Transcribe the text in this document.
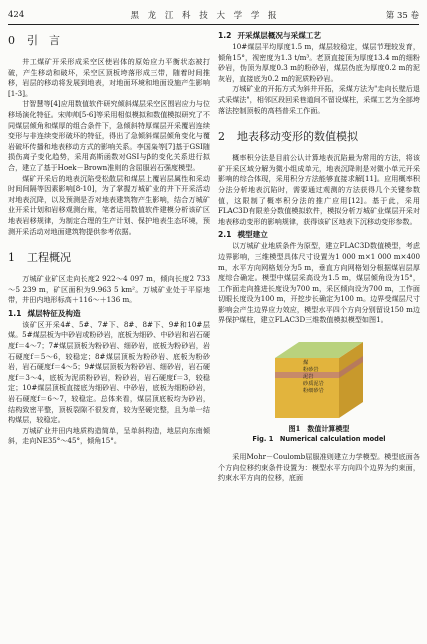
424	黑 龙 江 科 技 大 学 学 报	第 35 卷
0 引　言

井工煤矿开采形成采空区使岩体的原始应力平衡状态被打破，产生移动和破坏，采空区顶板垮落形成三带，随着时间推移，岩层的移动将发展到地表，对地面环境和地面设施产生影响[1-3]。

甘智慧等[4]应用数值软件研究倾斜煤层采空区围岩应力与位移场演化特征。宋帅帅[5-6]等采用相似模拟和数值模拟研究了不同煤层倾角和煤厚的组合条件下，急倾斜特厚煤层开采覆岩连续变形与非连续变形破坏的特征，得出了急倾斜煤层倾角变化与覆岩破坏传播和地表移动方式的影响关系。李国枭等[7]基于GSI随损伤离子变化趋势，采用高斯函数对GSI与β的变化关系进行拟合，建立了基于Hoek－Brown准则的含屈服岩石强度模型。

煤矿开采后的地表沉陷受松散层和煤层上覆岩层属性和采动时间间隔等因素影响[8-10]，为了掌握万城矿业的井下开采活动对地表沉降，以及预测是否对地表建筑物产生影响，结合万城矿业开采计划和岩移观测台账，笔者运用数值软件建模分析该矿区地表岩移规律，为制定合理的生产计划、保护地表生态环境，预测开采活动对地面建筑物提供参考依据。

1 工程概况

万城矿业矿区走向长度2 922～4 097 m，倾向长度2 733～5 239 m，矿区面积为9.963 5 km²。万城矿业处于平原地带，井田内地形标高＋116～＋136 m。

1.1 煤层特征及构造

该矿区开采4#、5#、7#下、8#、8#下、9#和10#层煤。5#煤层板为中砂岩或粉砂岩，底板为细砂、中砂岩和岩石硬度f＝4～7；7#煤层顶板为粉砂岩、细砂岩，底板为粉砂岩，岩石硬度f＝5～6，较稳定；8#煤层顶板为粉砂岩、底板为粉砂岩，岩石硬度f＝4～5；9#煤层顶板为粉砂岩、细砂岩，岩石硬度f＝3～4，底板为泥质粉砂岩，粉砂岩，岩石硬度f＝3，较稳定；10#煤层顶板直接底为细砂岩、中砂岩，底板为细粉砂岩，岩石硬度f＝6～7，较稳定。总体来看，煤层顶底板均为砂岩，结构致密平整，顶板裂隙不很发育，较为坚硬完整，且为单一结构煤层，较稳定。

万城矿业井田内地质构造简单，呈单斜构造，地层向东南倾斜，走向NE35°～45°，倾角15°。

1.2 开采煤层概况与采煤工艺

10#煤层平均厚度1.5 m，煤层较稳定，煤层节理较发育，倾角15°，视密度为1.3 t/m³。老顶直接顶为厚度13.4 m的细粉砂岩，伪顶为厚度0.3 m的粉砂岩，煤层伪底为厚度0.2 m的泥灰岩，直接底为0.2 m的泥质粉砂岩。

万城矿业的开拓方式为斜井开拓，采煤方法为"走向长壁后退式采煤法"，相邻区段回采巷道间不留设煤柱，采煤工艺为全部垮落法控制顶板的高档普采工作面。

2 地表移动变形的数值模拟

概率积分法是目前公认计算地表沉陷最为常用的方法，将该矿开采区域分解为微小组成单元，地表沉降则是对微小单元开采影响的综合体现，采用积分方法能够直接求解[11]。应用概率积分法分析地表沉陷时，需要通过观测的方法获得几个关键参数值，这限制了概率积分法的推广应用[12]。基于此，采用FLAC3D有限差分数值模拟软件，模拟分析万城矿业煤层开采对地表移动变形的影响规律，获得该矿区地表下沉移动变形参数。

2.1 模型建立

以万城矿业地质条件为原型，建立FLAC3D数值模型，考虑边界影响，三维模型具体尺寸设置为1 000 m×1 000 m×400 m，水平方向网格划分为5 m，垂直方向网格划分根据煤岩层厚度综合确定。模型中煤层采高设为1.5 m，煤层倾角设为15°，工作面走向推进长度设为700 m，采区倾向设为700 m，工作面切眼长度设为100 m，开挖步长确定为100 m。边界受煤层尺寸影响会产生边界应力效应，模型水平四个方向分别留设150 m边界保护煤柱，建立FLAC3D三维数值模拟模型如图1。

煤
粉砂岩
泥岩
砂质泥岩
粉细砂岩
图1　数值计算模型
Fig. 1　Numerical calculation model

采用Mohr－Coulomb屈服准则建立力学模型。模型底面各个方向位移约束条件设置为：模型水平方向四个边界为约束面，约束水平方向的位移，底面
